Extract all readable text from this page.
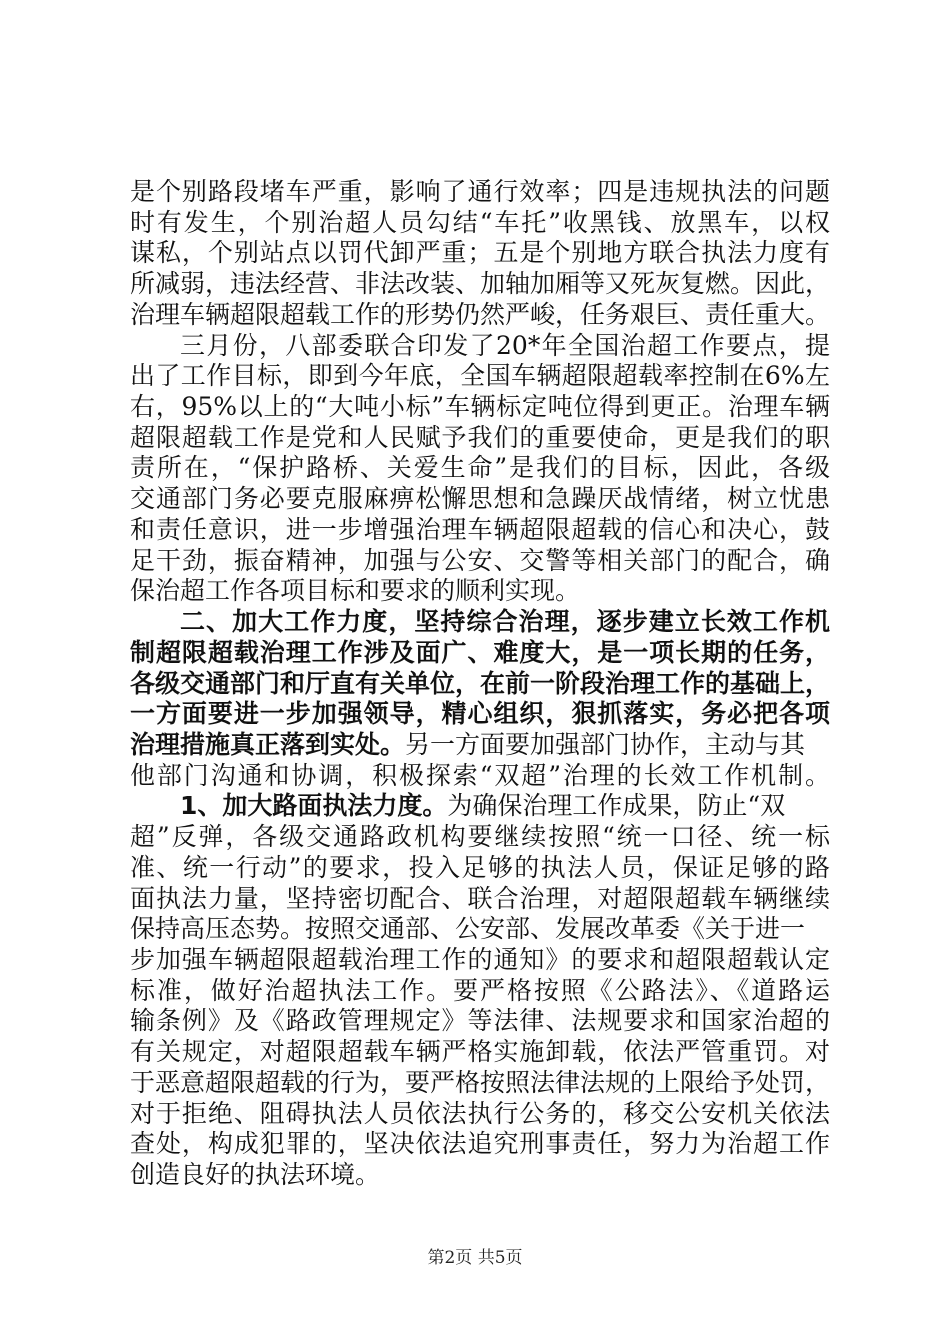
是个别路段堵车严重，影响了通行效率；四是违规执法的问题
时有发生，个别治超人员勾结“车托”收黑钱、放黑车，以权
谋私，个别站点以罚代卸严重；五是个别地方联合执法力度有
所减弱，违法经营、非法改装、加轴加厢等又死灰复燃。因此，
治理车辆超限超载工作的形势仍然严峻，任务艰巨、责任重大。
三月份，八部委联合印发了20*年全国治超工作要点，提
出了工作目标，即到今年底，全国车辆超限超载率控制在6%左
右，95%以上的“大吨小标”车辆标定吨位得到更正。治理车辆
超限超载工作是党和人民赋予我们的重要使命，更是我们的职
责所在，“保护路桥、关爱生命”是我们的目标，因此，各级
交通部门务必要克服麻痹松懈思想和急躁厌战情绪，树立忧患
和责任意识，进一步增强治理车辆超限超载的信心和决心，鼓
足干劲，振奋精神，加强与公安、交警等相关部门的配合，确
保治超工作各项目标和要求的顺利实现。
二、加大工作力度，坚持综合治理，逐步建立长效工作机
制超限超载治理工作涉及面广、难度大，是一项长期的任务，
各级交通部门和厅直有关单位，在前一阶段治理工作的基础上，
一方面要进一步加强领导，精心组织，狠抓落实，务必把各项
治理措施真正落到实处。另一方面要加强部门协作，主动与其
他部门沟通和协调，积极探索“双超”治理的长效工作机制。
1、加大路面执法力度。为确保治理工作成果，防止“双
超”反弹，各级交通路政机构要继续按照“统一口径、统一标
准、统一行动”的要求，投入足够的执法人员，保证足够的路
面执法力量，坚持密切配合、联合治理，对超限超载车辆继续
保持高压态势。按照交通部、公安部、发展改革委《关于进一
步加强车辆超限超载治理工作的通知》的要求和超限超载认定
标准，做好治超执法工作。要严格按照《公路法》、《道路运
输条例》及《路政管理规定》等法律、法规要求和国家治超的
有关规定，对超限超载车辆严格实施卸载，依法严管重罚。对
于恶意超限超载的行为，要严格按照法律法规的上限给予处罚，
对于拒绝、阻碍执法人员依法执行公务的，移交公安机关依法
查处，构成犯罪的，坚决依法追究刑事责任，努力为治超工作
创造良好的执法环境。
第2页 共5页
